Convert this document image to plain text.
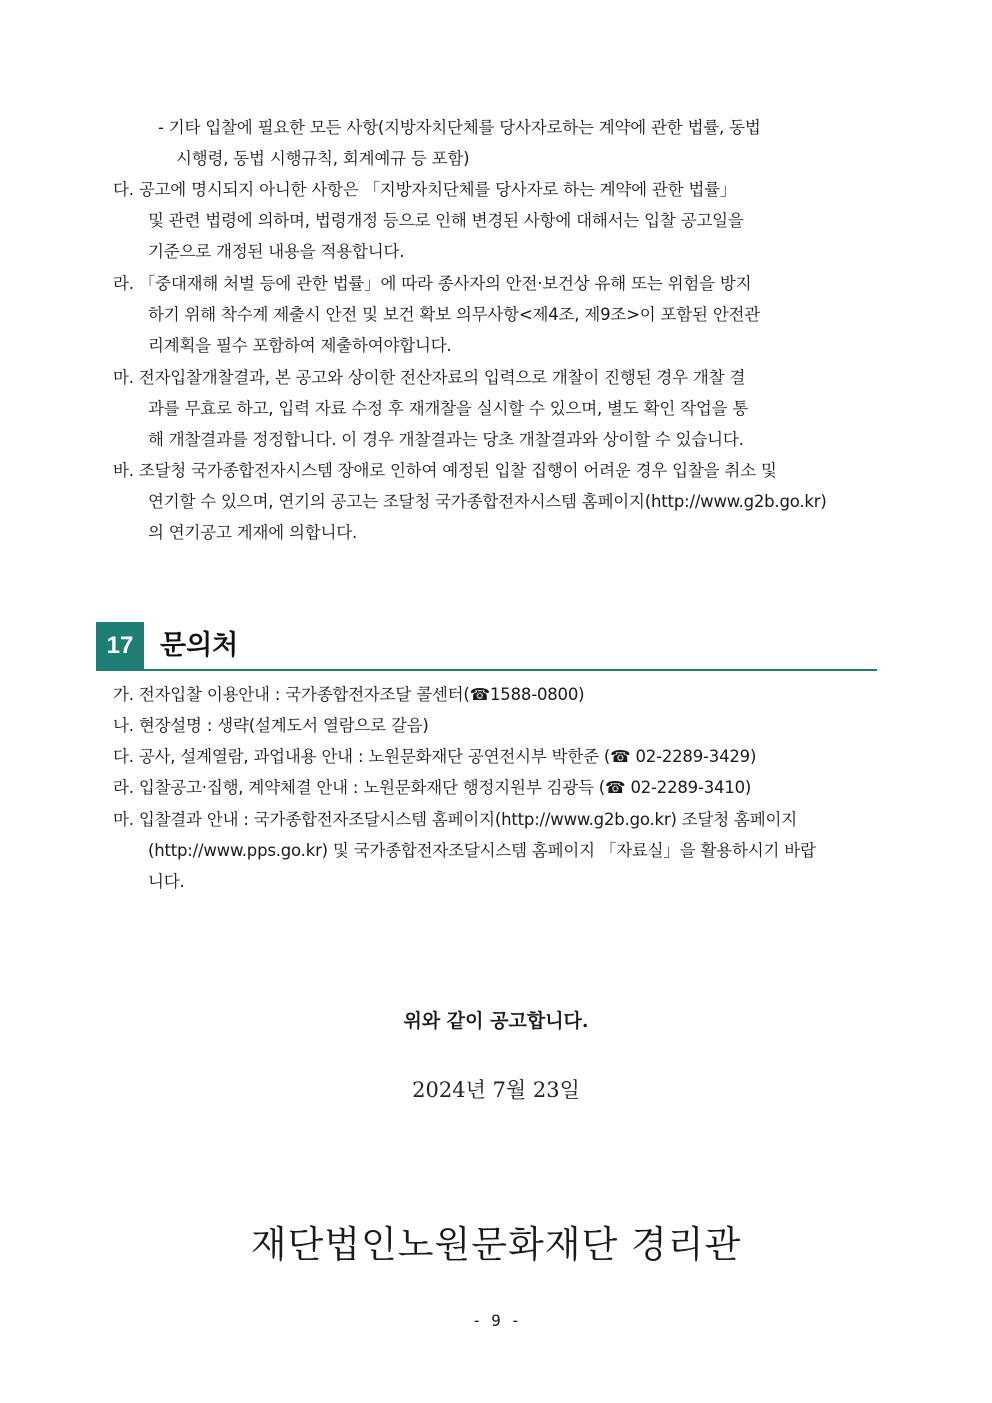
- 기타 입찰에 필요한 모든 사항(지방자치단체를 당사자로하는 계약에 관한 법률, 동법
시행령, 동법 시행규칙, 회계예규 등 포함)
다. 공고에 명시되지 아니한 사항은 「지방자치단체를 당사자로 하는 계약에 관한 법률」
및 관련 법령에 의하며, 법령개정 등으로 인해 변경된 사항에 대해서는 입찰 공고일을
기준으로 개정된 내용을 적용합니다.
라. 「중대재해 처벌 등에 관한 법률」에 따라 종사자의 안전·보건상 유해 또는 위험을 방지
하기 위해 착수계 제출시 안전 및 보건 확보 의무사항<제4조, 제9조>이 포함된 안전관
리계획을 필수 포함하여 제출하여야합니다.
마. 전자입찰개찰결과, 본 공고와 상이한 전산자료의 입력으로 개찰이 진행된 경우 개찰 결
과를 무효로 하고, 입력 자료 수정 후 재개찰을 실시할 수 있으며, 별도 확인 작업을 통
해 개찰결과를 정정합니다. 이 경우 개찰결과는 당초 개찰결과와 상이할 수 있습니다.
바. 조달청 국가종합전자시스템 장애로 인하여 예정된 입찰 집행이 어려운 경우 입찰을 취소 및
연기할 수 있으며, 연기의 공고는 조달청 국가종합전자시스템 홈페이지(http://www.g2b.go.kr)
의 연기공고 게재에 의합니다.
17 문의처
가. 전자입찰 이용안내 : 국가종합전자조달 콜센터(☎1588-0800)
나. 현장설명 : 생략(설계도서 열람으로 갈음)
다. 공사, 설계열람, 과업내용 안내 : 노원문화재단 공연전시부 박한준 (☎ 02-2289-3429)
라. 입찰공고·집행, 계약체결 안내 : 노원문화재단 행정지원부 김광득 (☎ 02-2289-3410)
마. 입찰결과 안내 : 국가종합전자조달시스템 홈페이지(http://www.g2b.go.kr) 조달청 홈페이지
(http://www.pps.go.kr) 및 국가종합전자조달시스템 홈페이지 「자료실」을 활용하시기 바랍
니다.
위와 같이 공고합니다.
2024년 7월 23일
재단법인노원문화재단 경리관
- 9 -
